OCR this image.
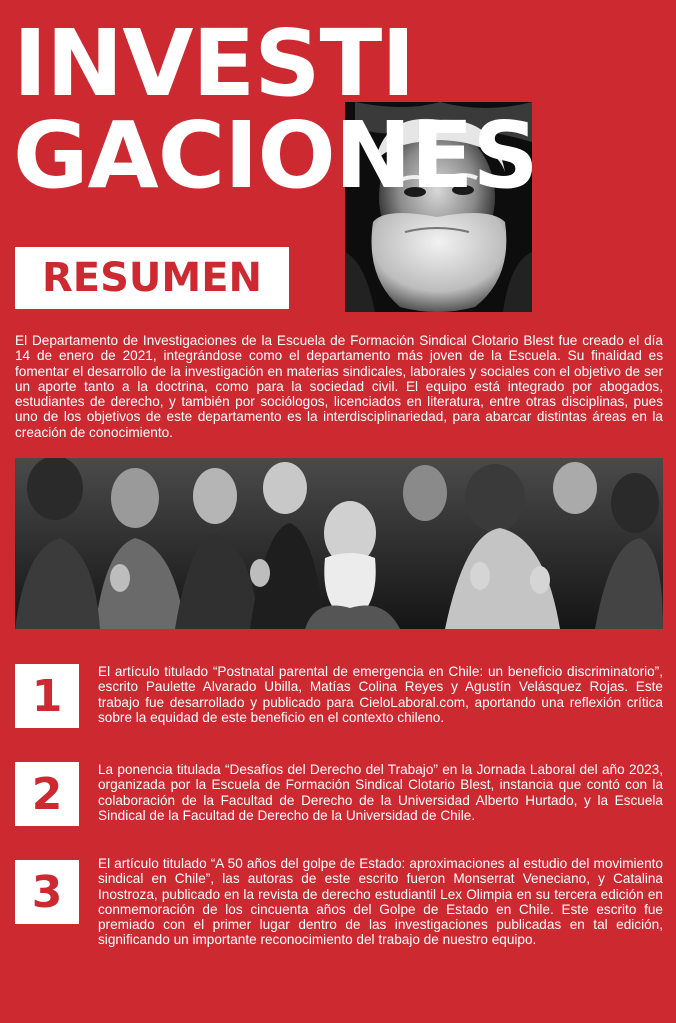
INVESTI
GACIONES
RESUMEN

El Departamento de Investigaciones de la Escuela de Formación Sindical Clotario Blest fue creado el día 14 de enero de 2021, integrándose como el departamento más joven de la Escuela. Su finalidad es fomentar el desarrollo de la investigación en materias sindicales, laborales y sociales con el objetivo de ser un aporte tanto a la doctrina, como para la sociedad civil. El equipo está integrado por abogados, estudiantes de derecho, y también por sociólogos, licenciados en literatura, entre otras disciplinas, pues uno de los objetivos de este departamento es la interdisciplinariedad, para abarcar distintas áreas en la creación de conocimiento.

1	El artículo titulado “Postnatal parental de emergencia en Chile: un beneficio discriminatorio”, escrito Paulette Alvarado Ubilla, Matías Colina Reyes y Agustín Velásquez Rojas. Este trabajo fue desarrollado y publicado para CieloLaboral.com, aportando una reflexión crítica sobre la equidad de este beneficio en el contexto chileno.

2	La ponencia titulada “Desafíos del Derecho del Trabajo” en la Jornada Laboral del año 2023, organizada por la Escuela de Formación Sindical Clotario Blest, instancia que contó con la colaboración de la Facultad de Derecho de la Universidad Alberto Hurtado, y la Escuela Sindical de la Facultad de Derecho de la Universidad de Chile.

3

El artículo titulado “A 50 años del golpe de Estado: aproximaciones al estudio del movimiento sindical en Chile”, las autoras de este escrito fueron Monserrat Veneciano, y Catalina Inostroza, publicado en la revista de derecho estudiantil Lex Olimpia en su tercera edición en conmemoración de los cincuenta años del Golpe de Estado en Chile. Este escrito fue premiado con el primer lugar dentro de las investigaciones publicadas en tal edición, significando un importante reconocimiento del trabajo de nuestro equipo.
